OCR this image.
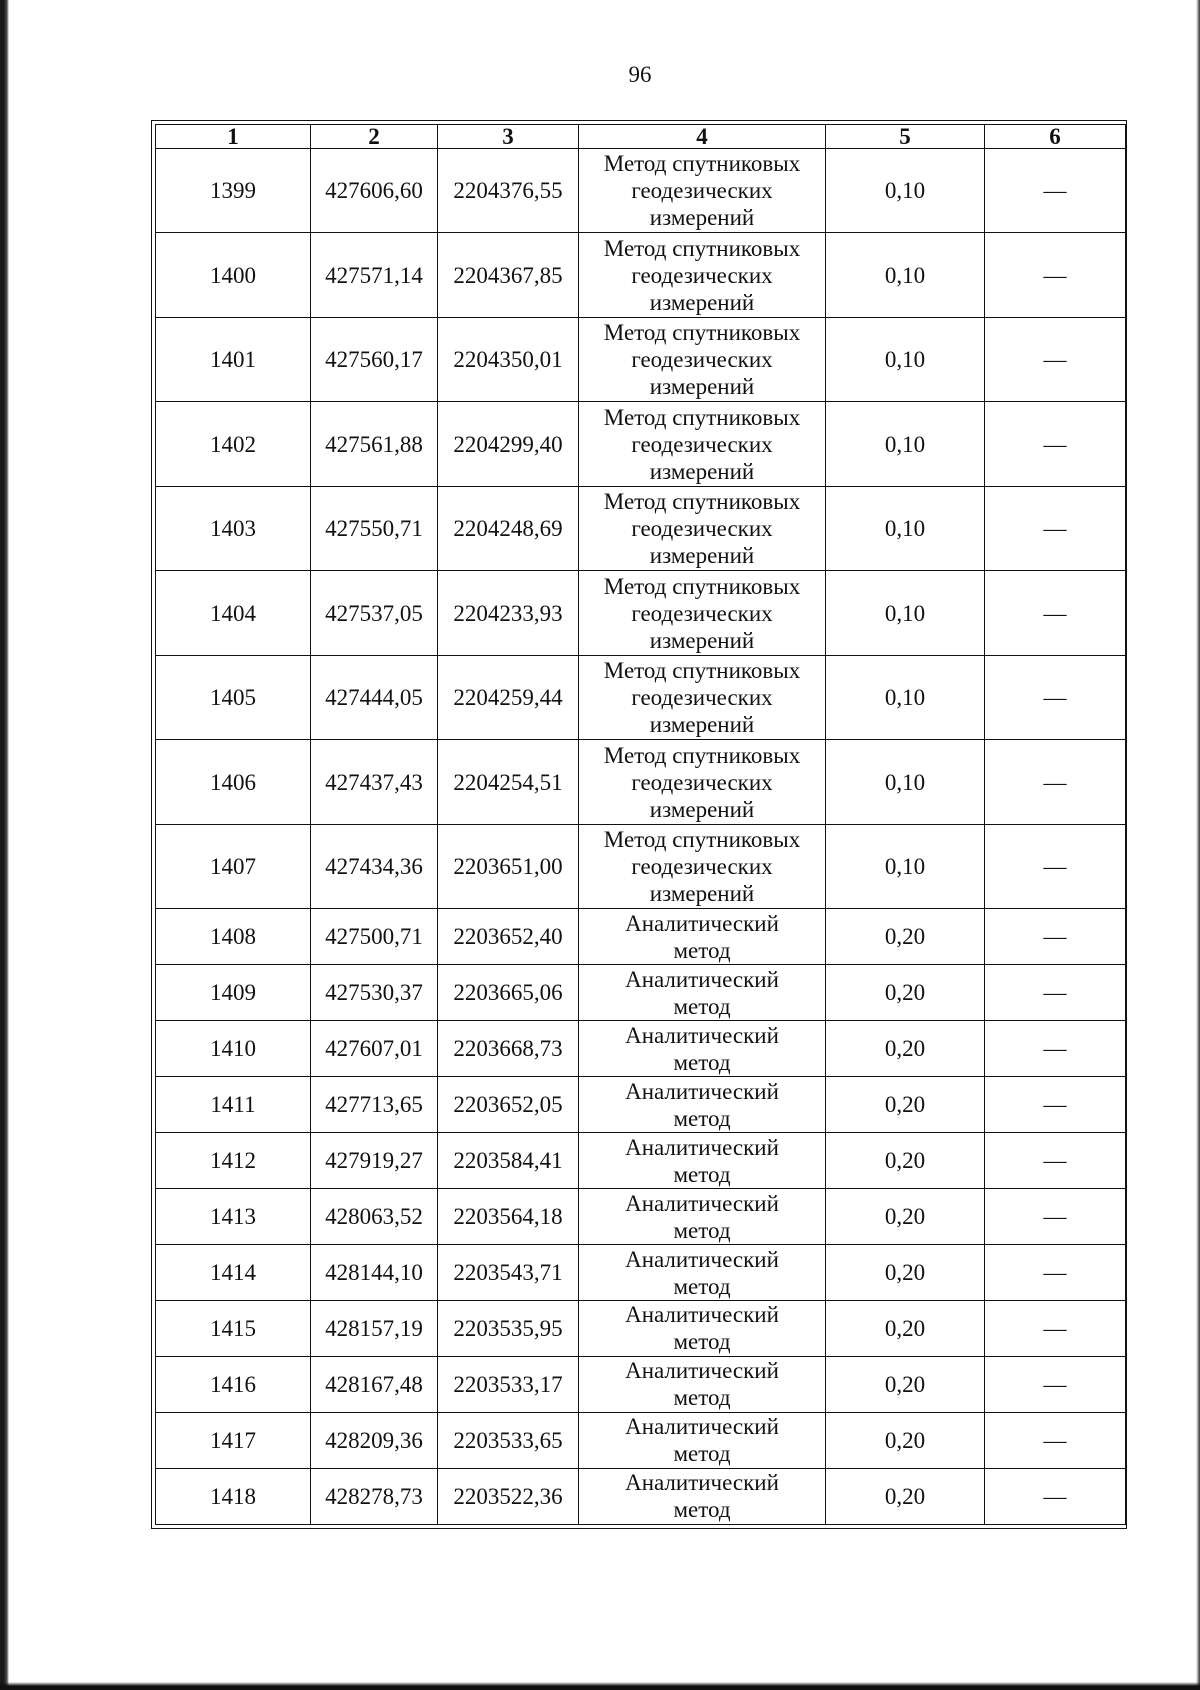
96
1	2	3	4	5	6
1399	427606,60	2204376,55	Метод спутниковых
геодезических
измерений	0,10	—
1400	427571,14	2204367,85	Метод спутниковых
геодезических
измерений	0,10	—
1401	427560,17	2204350,01	Метод спутниковых
геодезических
измерений	0,10	—
1402	427561,88	2204299,40	Метод спутниковых
геодезических
измерений	0,10	—
1403	427550,71	2204248,69	Метод спутниковых
геодезических
измерений	0,10	—
1404	427537,05	2204233,93	Метод спутниковых
геодезических
измерений	0,10	—
1405	427444,05	2204259,44	Метод спутниковых
геодезических
измерений	0,10	—
1406	427437,43	2204254,51	Метод спутниковых
геодезических
измерений	0,10	—
1407	427434,36	2203651,00	Метод спутниковых
геодезических
измерений	0,10	—
1408	427500,71	2203652,40	Аналитический
метод	0,20	—
1409	427530,37	2203665,06	Аналитический
метод	0,20	—
1410	427607,01	2203668,73	Аналитический
метод	0,20	—
1411	427713,65	2203652,05	Аналитический
метод	0,20	—
1412	427919,27	2203584,41	Аналитический
метод	0,20	—
1413	428063,52	2203564,18	Аналитический
метод	0,20	—
1414	428144,10	2203543,71	Аналитический
метод	0,20	—
1415	428157,19	2203535,95	Аналитический
метод	0,20	—
1416	428167,48	2203533,17	Аналитический
метод	0,20	—
1417	428209,36	2203533,65	Аналитический
метод	0,20	—
1418	428278,73	2203522,36	Аналитический
метод	0,20	—
